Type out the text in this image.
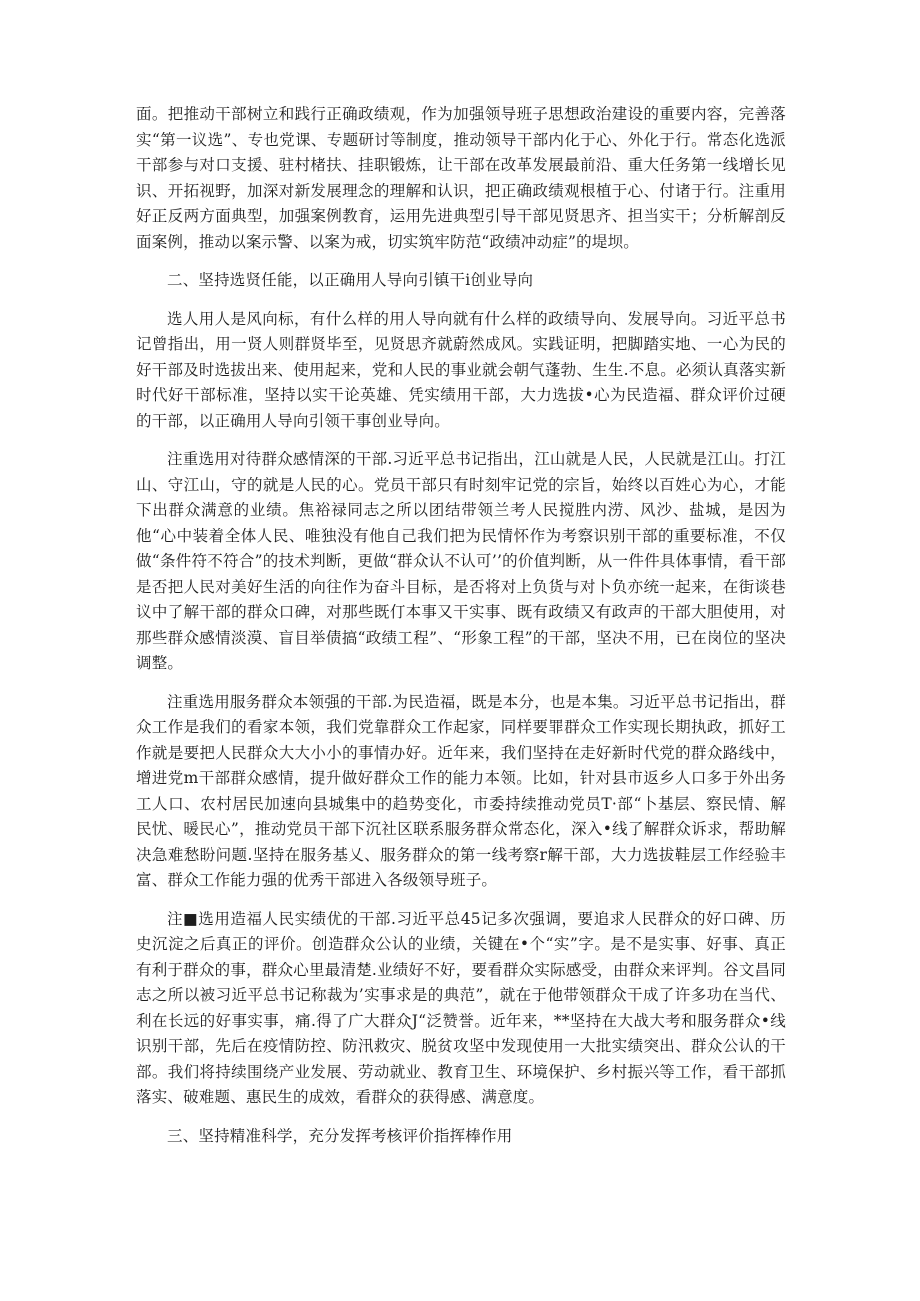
面。把推动干部树立和践行正确政绩观，作为加强领导班子思想政治建设的重要内容，完善落实“第一议选”、专也党课、专题研讨等制度，推动领导干部内化于心、外化于行。常态化选派干部参与对口支援、驻村楮扶、挂职锻炼，让干部在改革发展最前沿、重大任务第一线增长见识、开拓视野，加深对新发展理念的理解和认识，把正确政绩观根植于心、付诸于行。注重用好正反两方面典型，加强案例教育，运用先进典型引导干部见贤思齐、担当实干；分析解剖反面案例，推动以案示警、以案为戒，切实筑牢防范“政绩冲动症”的堤坝。

二、坚持选贤任能，以正确用人导向引镇干i创业导向

选人用人是风向标，有什么样的用人导向就有什么样的政绩导向、发展导向。习近平总书记曾指出，用一贤人则群贤毕至，见贤思齐就蔚然成风。实践证明，把脚踏实地、一心为民的好干部及时选拔出来、使用起来，党和人民的事业就会朝气蓬勃、生生.不息。必须认真落实新时代好干部标准，坚持以实干论英雄、凭实绩用干部，大力选拔•心为民造福、群众评价过硬的干部，以正确用人导向引领干事创业导向。

注重选用对待群众感情深的干部.习近平总书记指出，江山就是人民，人民就是江山。打江山、守江山，守的就是人民的心。党员干部只有时刻牢记党的宗旨，始终以百姓心为心，才能下出群众满意的业绩。焦裕禄同志之所以团结带领兰考人民搅胜内涝、风沙、盐城，是因为他“心中装着全体人民、唯独没有他自己我们把为民情怀作为考察识别干部的重要标准，不仅做“条件符不符合”的技术判断，更做“群众认不认可’’的价值判断，从一件件具体事情，看干部是否把人民对美好生活的向往作为奋斗目标，是否将对上负货与对卜负亦统一起来，在街谈巷议中了解干部的群众口碑，对那些既仃本事又干实事、既有政绩又有政声的干部大胆使用，对那些群众感情淡漠、盲目举债搞“政绩工程”、“形象工程”的干部，坚决不用，已在岗位的坚决调整。

注重选用服务群众本领强的干部.为民造福，既是本分，也是本集。习近平总书记指出，群众工作是我们的看家本领，我们党靠群众工作起家，同样要罪群众工作实现长期执政，抓好工作就是要把人民群众大大小小的事情办好。近年来，我们坚持在走好新时代党的群众路线中，增进党m干部群众感情，提升做好群众工作的能力本领。比如，针对县市返乡人口多于外出务工人口、农村居民加速向县城集中的趋势变化，市委持续推动党员T·部“卜基层、察民情、解民忧、暖民心”，推动党员干部下沉社区联系服务群众常态化，深入•线了解群众诉求，帮助解决急难愁盼问题.坚持在服务基乂、服务群众的第一线考察r解干部，大力选拔鞋层工作经验丰富、群众工作能力强的优秀干部进入各级领导班子。

注■选用造福人民实绩优的干部.习近平总45记多次强调，要追求人民群众的好口碑、历史沉淀之后真正的评价。创造群众公认的业绩，关键在•个“实”字。是不是实事、好事、真正有利于群众的事，群众心里最清楚.业绩好不好，要看群众实际感受，由群众来评判。谷文昌同志之所以被习近平总书记称裁为’实事求是的典范”，就在于他带领群众干成了许多功在当代、利在长远的好事实事，痛.得了广大群众J“泛赞誉。近年来，**坚持在大战大考和服务群众•线识别干部，先后在疫情防控、防汛救灾、脱贫攻坚中发现使用一大批实绩突出、群众公认的干部。我们将持续围绕产业发展、劳动就业、教育卫生、环境保护、乡村振兴等工作，看干部抓落实、破难题、惠民生的成效，看群众的获得感、满意度。

三、坚持精准科学，充分发挥考核评价指挥棒作用
